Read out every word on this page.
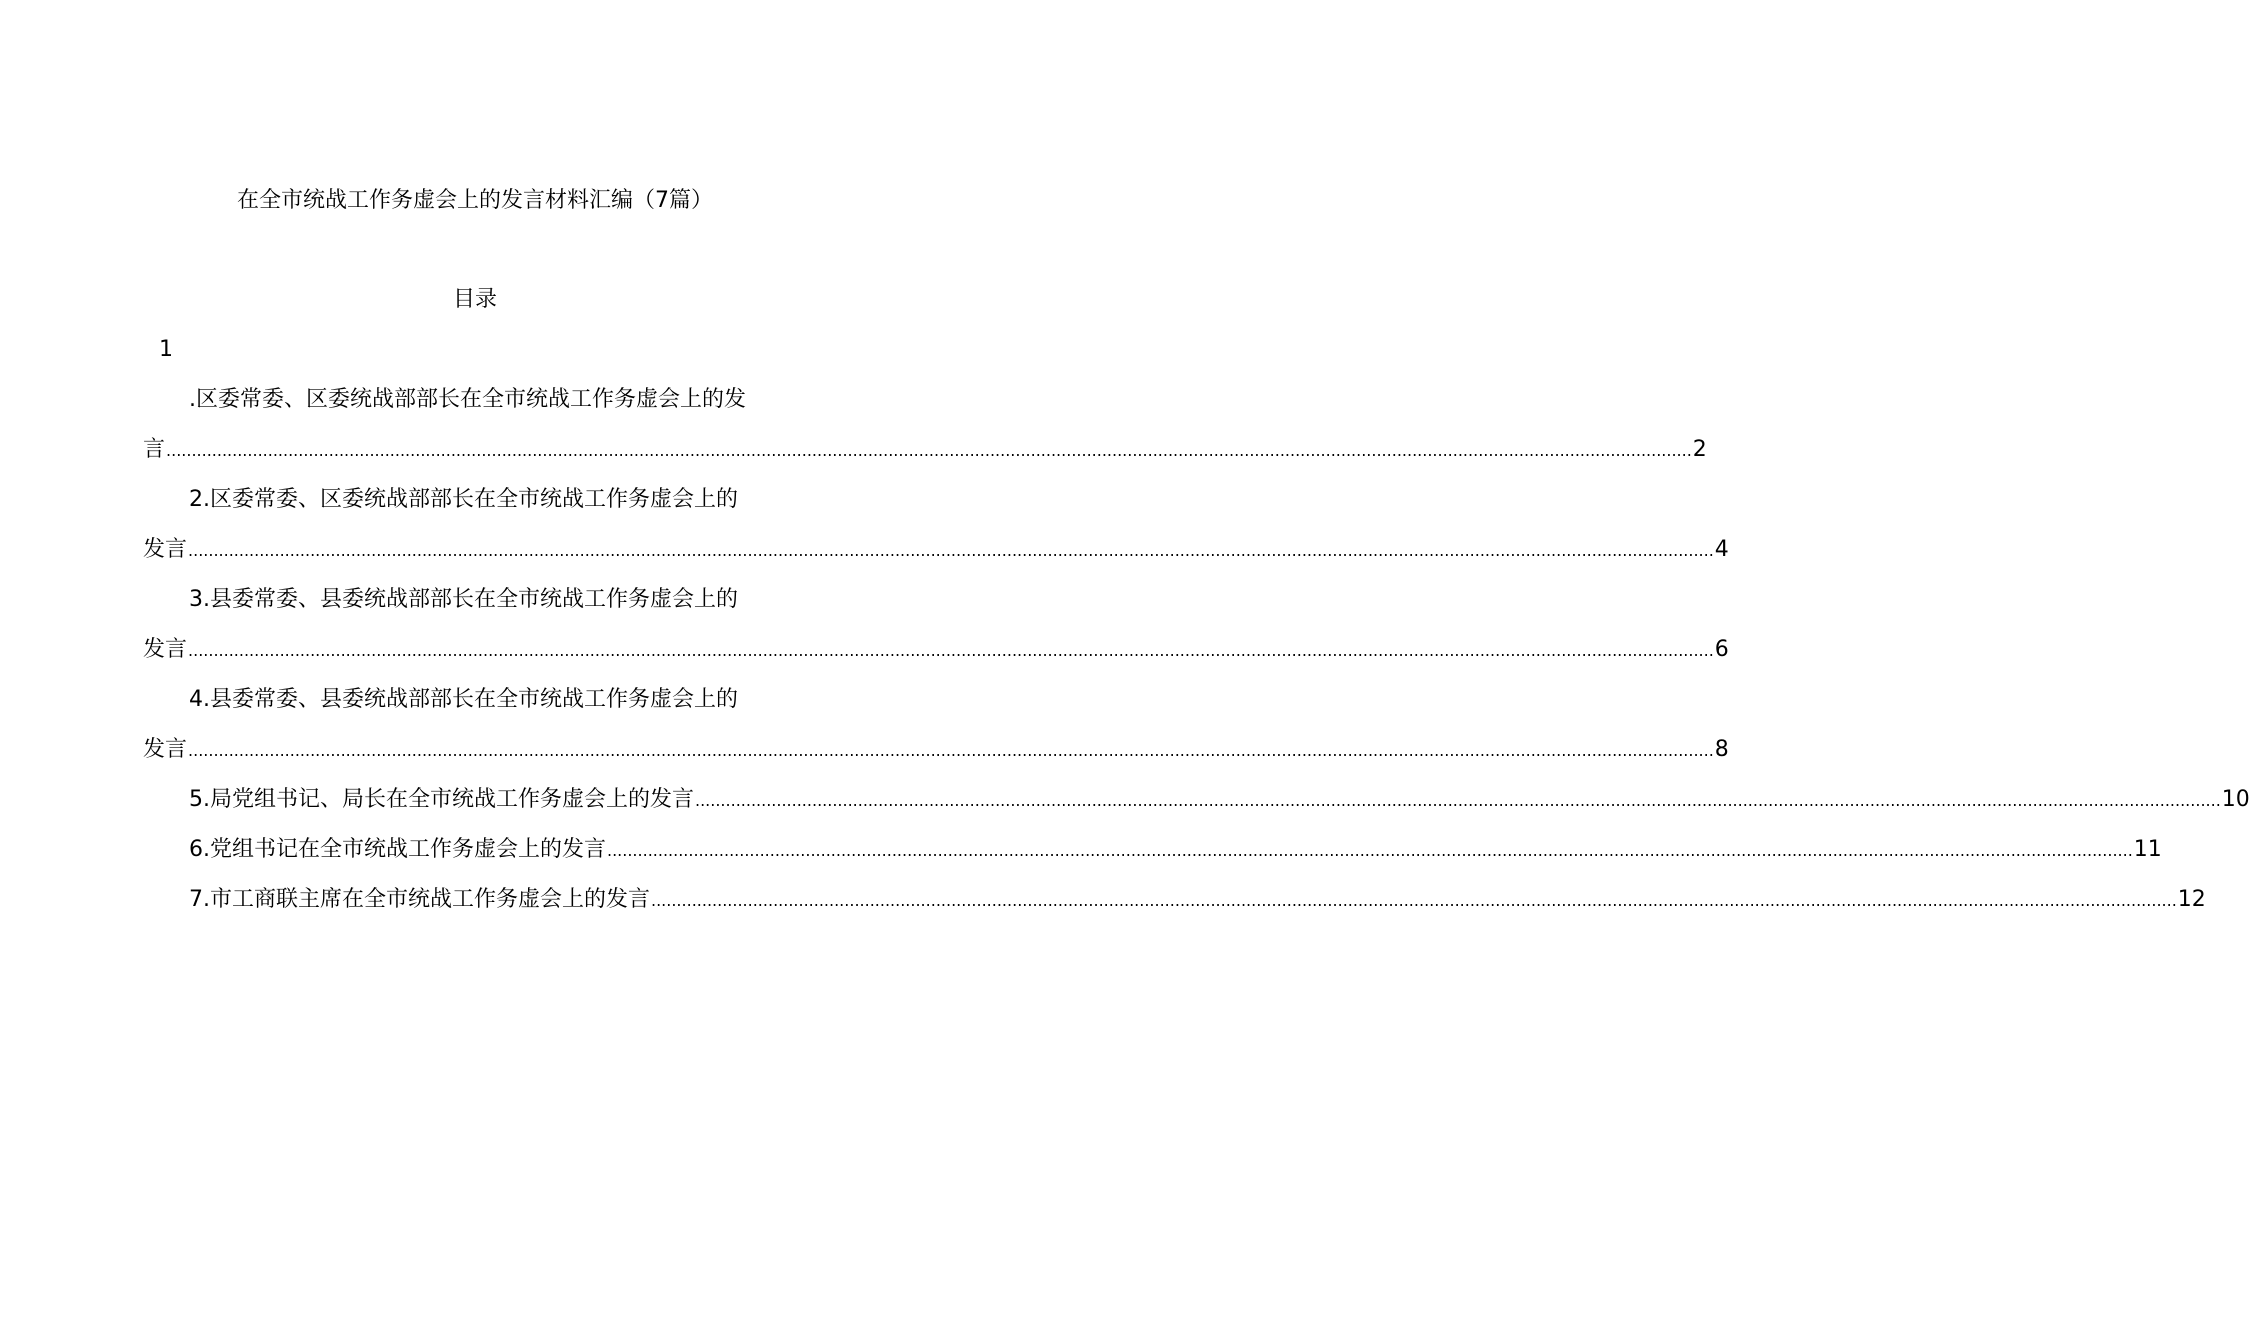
在全市统战工作务虚会上的发言材料汇编（7篇）
目录
1
.区委常委、区委统战部部长在全市统战工作务虚会上的发
言 ............................................................................................................................................................................................................................................................................................................ 2
2.区委常委、区委统战部部长在全市统战工作务虚会上的
发言 ............................................................................................................................................................................................................................................................................................................ 4
3.县委常委、县委统战部部长在全市统战工作务虚会上的
发言 ............................................................................................................................................................................................................................................................................................................ 6
4.县委常委、县委统战部部长在全市统战工作务虚会上的
发言 ............................................................................................................................................................................................................................................................................................................ 8
5.局党组书记、局长在全市统战工作务虚会上的发言 ............................................................................................................................................................................................................................................................................................................ 10
6.党组书记在全市统战工作务虚会上的发言 ............................................................................................................................................................................................................................................................................................................ 11
7.市工商联主席在全市统战工作务虚会上的发言 ............................................................................................................................................................................................................................................................................................................ 12
